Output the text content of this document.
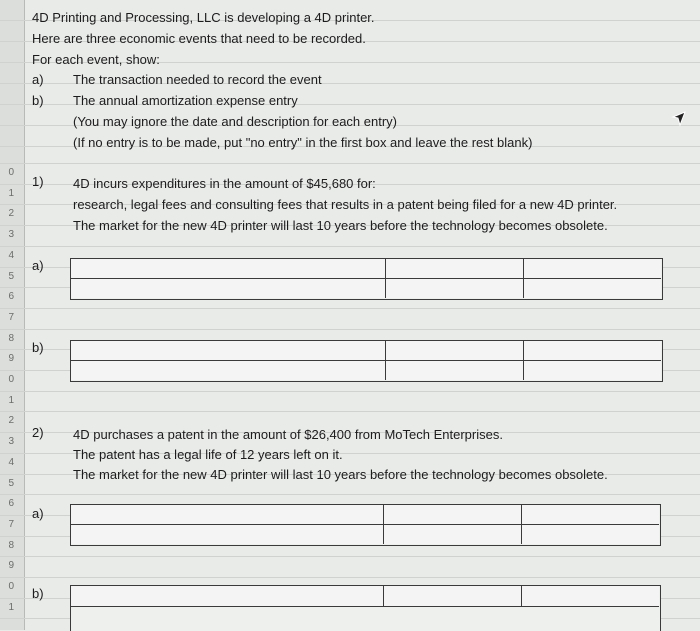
0
1
2
3
4
5
6
7
8
9
0
1
2
3
4
5
6
7
8
9
0
1
4D Printing and Processing, LLC is developing a 4D printer.
Here are three economic events that need to be recorded.
For each event, show:
a) The transaction needed to record the event
b) The annual amortization expense entry
(You may ignore the date and description for each entry)
(If no entry is to be made, put "no entry" in the first box and leave the rest blank)
1) 4D incurs expenditures in the amount of $45,680 for:
research, legal fees and consulting fees that results in a patent being filed for a new 4D printer.
The market for the new 4D printer will last 10 years before the technology becomes obsolete.
a)
b)
2) 4D purchases a patent in the amount of $26,400 from MoTech Enterprises.
The patent has a legal life of 12 years left on it.
The market for the new 4D printer will last 10 years before the technology becomes obsolete.
a)
b)
